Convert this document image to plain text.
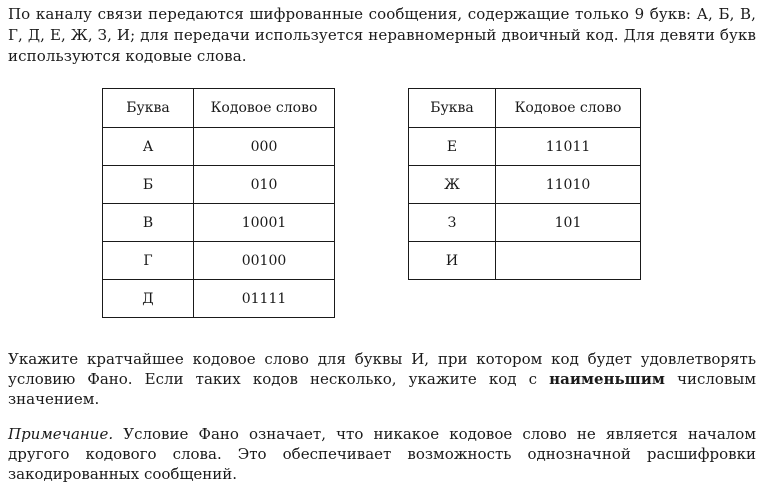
По каналу связи передаются шифрованные сообщения, содержащие только 9 букв: А, Б, В, Г, Д, Е, Ж, З, И; для передачи используется неравномерный двоичный код. Для девяти букв используются кодовые слова.

Буква	Кодовое слово
А	000
Б	010
В	10001
Г	00100
Д	01111
Буква	Кодовое слово
Е	11011
Ж	11010
З	101
И	

Укажите кратчайшее кодовое слово для буквы И, при котором код будет удовлетворять условию Фано. Если таких кодов несколько, укажите код с наименьшим числовым значением.

Примечание. Условие Фано означает, что никакое кодовое слово не является началом другого кодового слова. Это обеспечивает возможность однозначной расшифровки закодированных сообщений.
